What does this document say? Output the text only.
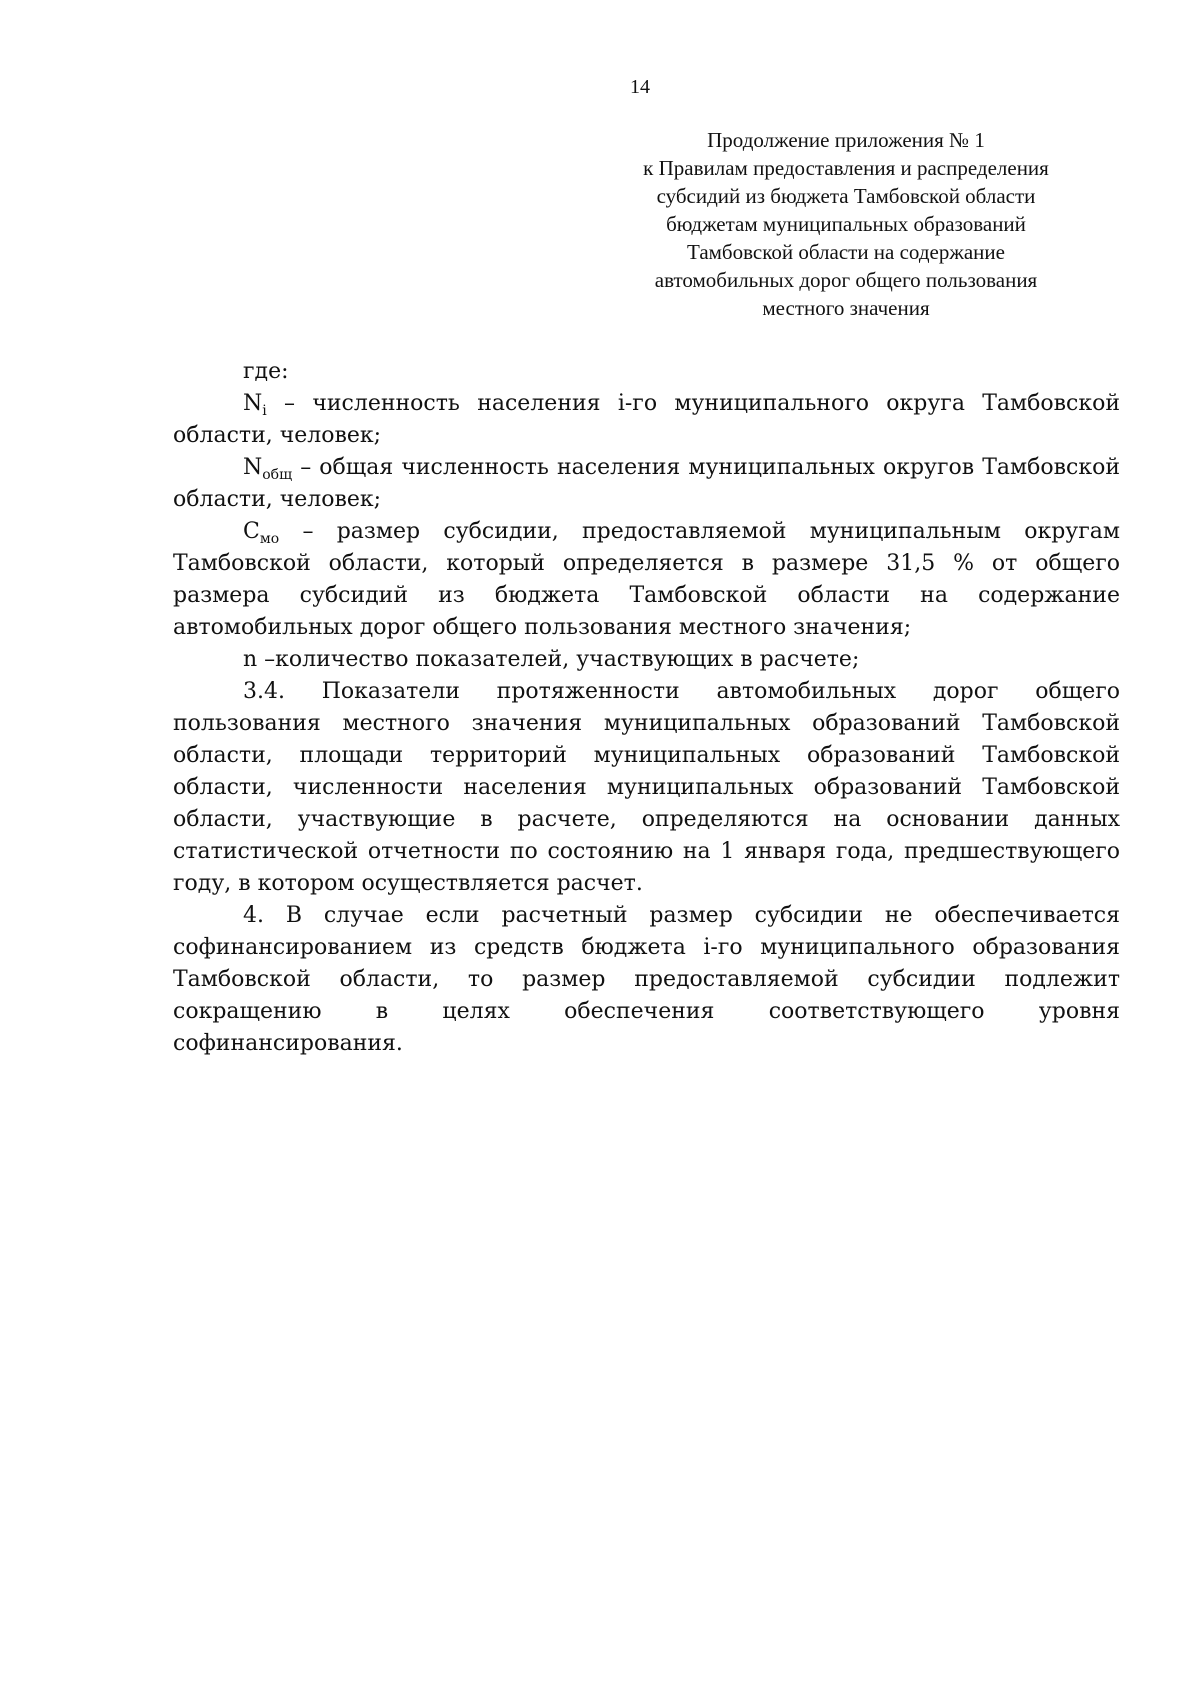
14
Продолжение приложения № 1
к Правилам предоставления и распределения
субсидий из бюджета Тамбовской области
бюджетам муниципальных образований
Тамбовской области на содержание
автомобильных дорог общего пользования
местного значения

где:

$N_i$ – численность населения i-го муниципального округа Тамбовской области, человек;

$N_{общ}$ – общая численность населения муниципальных округов Тамбовской области, человек;

$С_{мо}$ – размер субсидии, предоставляемой муниципальным округам Тамбовской области, который определяется в размере 31,5 % от общего размера субсидий из бюджета Тамбовской области на содержание автомобильных дорог общего пользования местного значения;

n –количество показателей, участвующих в расчете;

3.4. Показатели протяженности автомобильных дорог общего пользования местного значения муниципальных образований Тамбовской области, площади территорий муниципальных образований Тамбовской области, численности населения муниципальных образований Тамбовской области, участвующие в расчете, определяются на основании данных статистической отчетности по состоянию на 1 января года, предшествующего году, в котором осуществляется расчет.

4. В случае если расчетный размер субсидии не обеспечивается софинансированием из средств бюджета i-го муниципального образования Тамбовской области, то размер предоставляемой субсидии подлежит сокращению в целях обеспечения соответствующего уровня софинансирования.
